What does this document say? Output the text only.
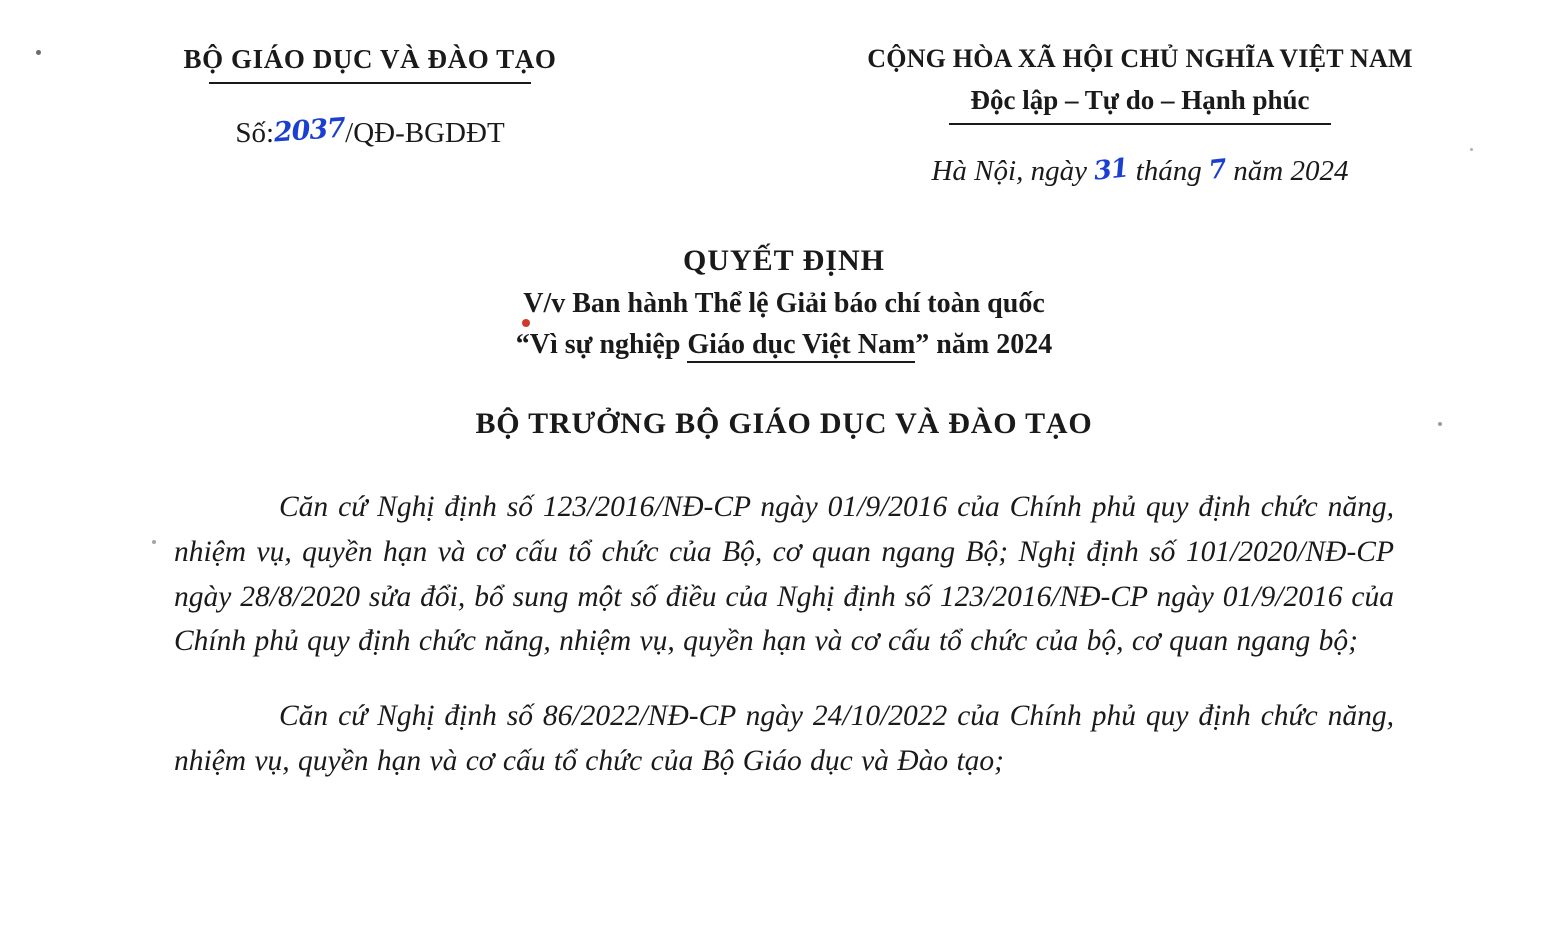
BỘ GIÁO DỤC VÀ ĐÀO TẠO
Số:2037/QĐ-BGDĐT
CỘNG HÒA XÃ HỘI CHỦ NGHĨA VIỆT NAM
Độc lập – Tự do – Hạnh phúc
Hà Nội, ngày 31 tháng 7 năm 2024
QUYẾT ĐỊNH
V/v Ban hành Thể lệ Giải báo chí toàn quốc
“Vì sự nghiệp Giáo dục Việt Nam” năm 2024
BỘ TRƯỞNG BỘ GIÁO DỤC VÀ ĐÀO TẠO

Căn cứ Nghị định số 123/2016/NĐ-CP ngày 01/9/2016 của Chính phủ quy định chức năng, nhiệm vụ, quyền hạn và cơ cấu tổ chức của Bộ, cơ quan ngang Bộ; Nghị định số 101/2020/NĐ-CP ngày 28/8/2020 sửa đổi, bổ sung một số điều của Nghị định số 123/2016/NĐ-CP ngày 01/9/2016 của Chính phủ quy định chức năng, nhiệm vụ, quyền hạn và cơ cấu tổ chức của bộ, cơ quan ngang bộ;

Căn cứ Nghị định số 86/2022/NĐ-CP ngày 24/10/2022 của Chính phủ quy định chức năng, nhiệm vụ, quyền hạn và cơ cấu tổ chức của Bộ Giáo dục và Đào tạo;
